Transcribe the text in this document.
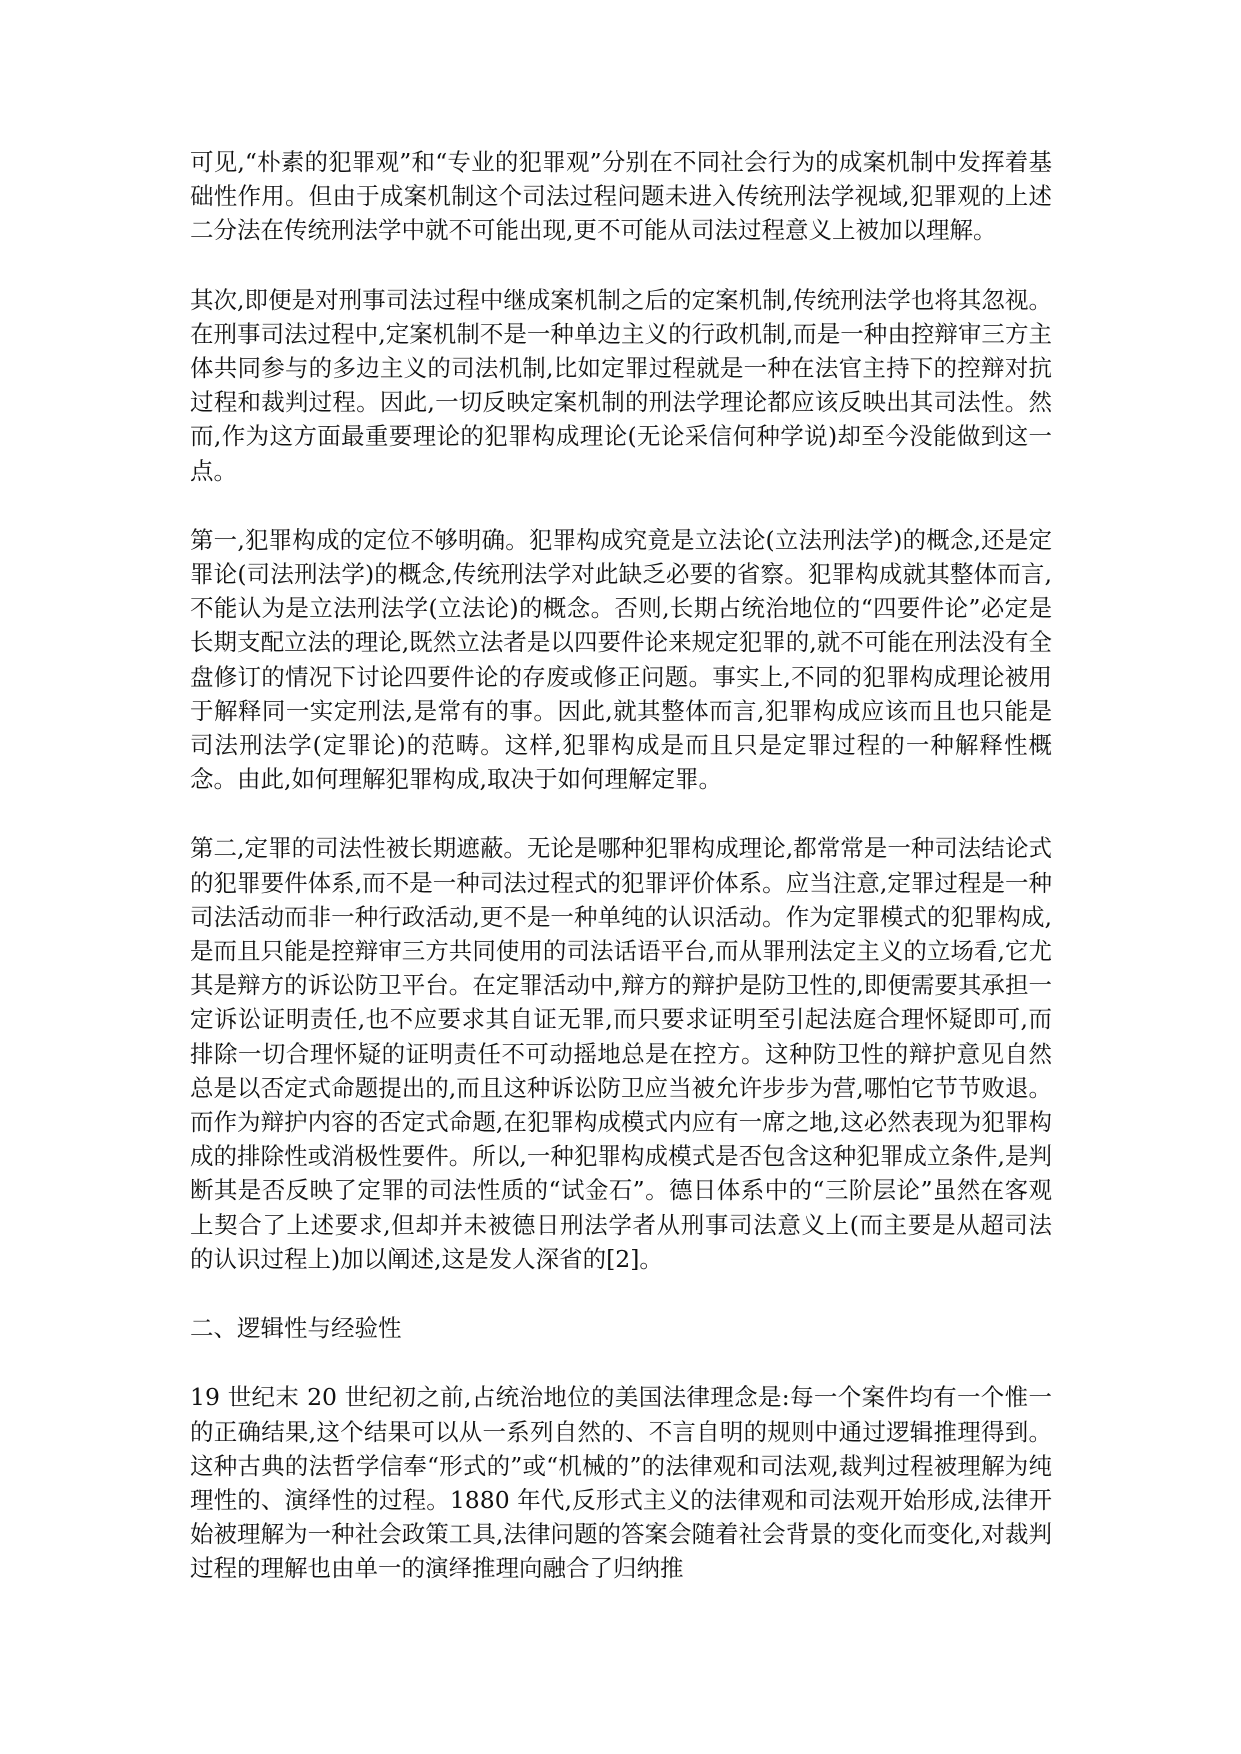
可见,“朴素的犯罪观”和“专业的犯罪观”分别在不同社会行为的成案机制中发挥着基础性作用。但由于成案机制这个司法过程问题未进入传统刑法学视域,犯罪观的上述二分法在传统刑法学中就不可能出现,更不可能从司法过程意义上被加以理解。

其次,即便是对刑事司法过程中继成案机制之后的定案机制,传统刑法学也将其忽视。在刑事司法过程中,定案机制不是一种单边主义的行政机制,而是一种由控辩审三方主体共同参与的多边主义的司法机制,比如定罪过程就是一种在法官主持下的控辩对抗过程和裁判过程。因此,一切反映定案机制的刑法学理论都应该反映出其司法性。然而,作为这方面最重要理论的犯罪构成理论(无论采信何种学说)却至今没能做到这一点。

第一,犯罪构成的定位不够明确。犯罪构成究竟是立法论(立法刑法学)的概念,还是定罪论(司法刑法学)的概念,传统刑法学对此缺乏必要的省察。犯罪构成就其整体而言,不能认为是立法刑法学(立法论)的概念。否则,长期占统治地位的“四要件论”必定是长期支配立法的理论,既然立法者是以四要件论来规定犯罪的,就不可能在刑法没有全盘修订的情况下讨论四要件论的存废或修正问题。事实上,不同的犯罪构成理论被用于解释同一实定刑法,是常有的事。因此,就其整体而言,犯罪构成应该而且也只能是司法刑法学(定罪论)的范畴。这样,犯罪构成是而且只是定罪过程的一种解释性概念。由此,如何理解犯罪构成,取决于如何理解定罪。

第二,定罪的司法性被长期遮蔽。无论是哪种犯罪构成理论,都常常是一种司法结论式的犯罪要件体系,而不是一种司法过程式的犯罪评价体系。应当注意,定罪过程是一种司法活动而非一种行政活动,更不是一种单纯的认识活动。作为定罪模式的犯罪构成,是而且只能是控辩审三方共同使用的司法话语平台,而从罪刑法定主义的立场看,它尤其是辩方的诉讼防卫平台。在定罪活动中,辩方的辩护是防卫性的,即便需要其承担一定诉讼证明责任,也不应要求其自证无罪,而只要求证明至引起法庭合理怀疑即可,而排除一切合理怀疑的证明责任不可动摇地总是在控方。这种防卫性的辩护意见自然总是以否定式命题提出的,而且这种诉讼防卫应当被允许步步为营,哪怕它节节败退。而作为辩护内容的否定式命题,在犯罪构成模式内应有一席之地,这必然表现为犯罪构成的排除性或消极性要件。所以,一种犯罪构成模式是否包含这种犯罪成立条件,是判断其是否反映了定罪的司法性质的“试金石”。德日体系中的“三阶层论”虽然在客观上契合了上述要求,但却并未被德日刑法学者从刑事司法意义上(而主要是从超司法的认识过程上)加以阐述,这是发人深省的[2]。

二、逻辑性与经验性

19 世纪末 20 世纪初之前,占统治地位的美国法律理念是:每一个案件均有一个惟一的正确结果,这个结果可以从一系列自然的、不言自明的规则中通过逻辑推理得到。这种古典的法哲学信奉“形式的”或“机械的”的法律观和司法观,裁判过程被理解为纯理性的、演绎性的过程。1880 年代,反形式主义的法律观和司法观开始形成,法律开始被理解为一种社会政策工具,法律问题的答案会随着社会背景的变化而变化,对裁判过程的理解也由单一的演绎推理向融合了归纳推
